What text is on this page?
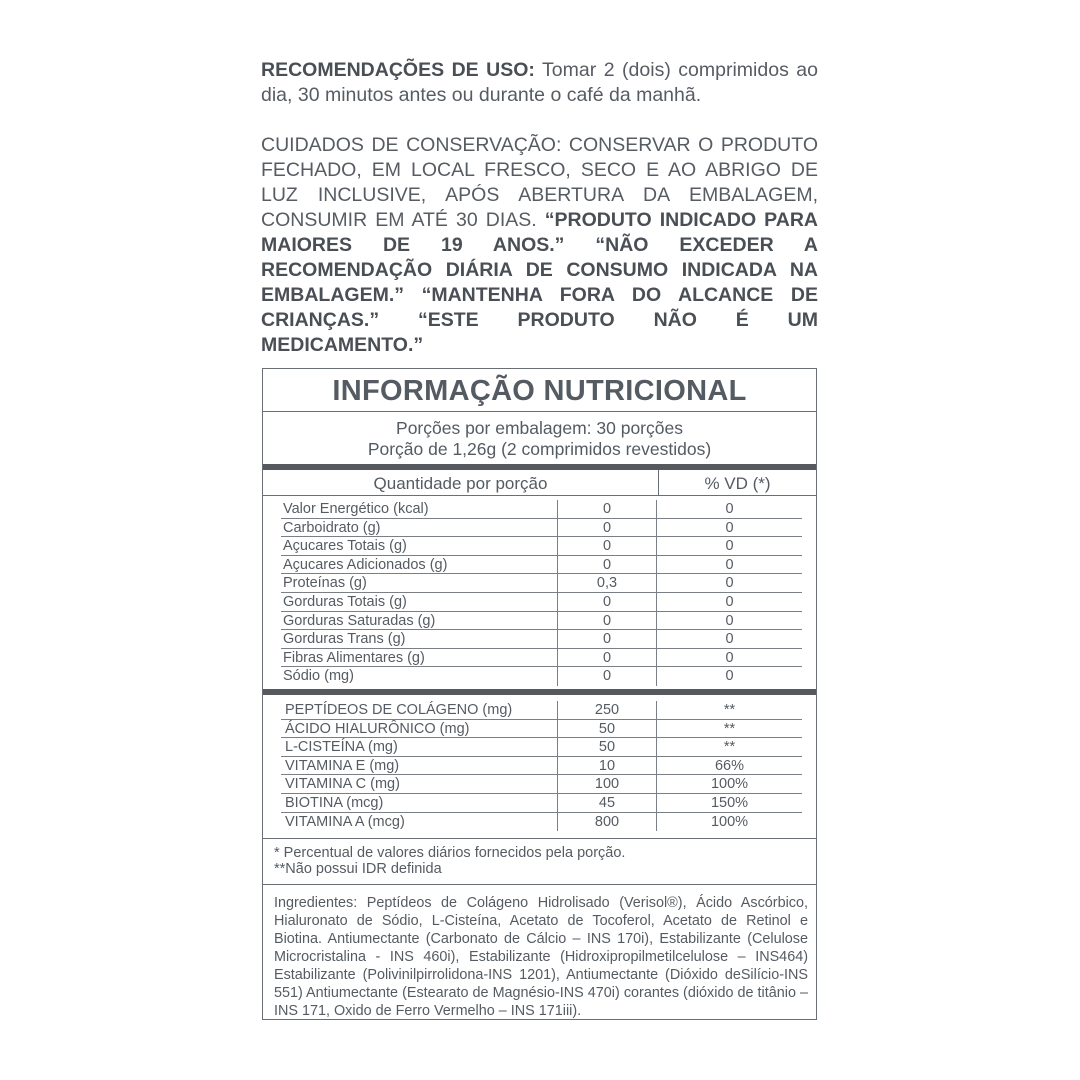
RECOMENDAÇÕES DE USO: Tomar 2 (dois) comprimidos ao dia, 30 minutos antes ou durante o café da manhã.
CUIDADOS DE CONSERVAÇÃO: CONSERVAR O PRODUTO FECHADO, EM LOCAL FRESCO, SECO E AO ABRIGO DE LUZ INCLUSIVE, APÓS ABERTURA DA EMBALAGEM, CONSUMIR EM ATÉ 30 DIAS. “PRODUTO INDICADO PARA MAIORES DE 19 ANOS.” “NÃO EXCEDER A RECOMENDAÇÃO DIÁRIA DE CONSUMO INDICADA NA EMBALAGEM.” “MANTENHA FORA DO ALCANCE DE CRIANÇAS.” “ESTE PRODUTO NÃO É UM MEDICAMENTO.”
INFORMAÇÃO NUTRICIONAL
Porções por embalagem: 30 porções
Porção de 1,26g (2 comprimidos revestidos)
Quantidade por porção	% VD (*)
Valor Energético (kcal)	0	0
Carboidrato (g)	0	0
Açucares Totais (g)	0	0
Açucares Adicionados (g)	0	0
Proteínas (g)	0,3	0
Gorduras Totais (g)	0	0
Gorduras Saturadas (g)	0	0
Gorduras Trans (g)	0	0
Fibras Alimentares (g)	0	0
Sódio (mg)	0	0
PEPTÍDEOS DE COLÁGENO (mg)	250	**
ÁCIDO HIALURÔNICO (mg)	50	**
L-CISTEÍNA (mg)	50	**
VITAMINA E (mg)	10	66%
VITAMINA C (mg)	100	100%
BIOTINA (mcg)	45	150%
VITAMINA A (mcg)	800	100%
* Percentual de valores diários fornecidos pela porção.
**Não possui IDR definida
Ingredientes: Peptídeos de Colágeno Hidrolisado (Verisol®), Ácido Ascórbico, Hialuronato de Sódio, L-Cisteína, Acetato de Tocoferol, Acetato de Retinol e Biotina. Antiumectante (Carbonato de Cálcio – INS 170i), Estabilizante (Celulose Microcristalina - INS 460i), Estabilizante (Hidroxipropilmetilcelulose – INS464) Estabilizante (Polivinilpirrolidona-INS 1201), Antiumectante (Dióxido deSilício-INS 551) Antiumectante (Estearato de Magnésio-INS 470i) corantes (dióxido de titânio – INS 171, Oxido de Ferro Vermelho – INS 171iii).
